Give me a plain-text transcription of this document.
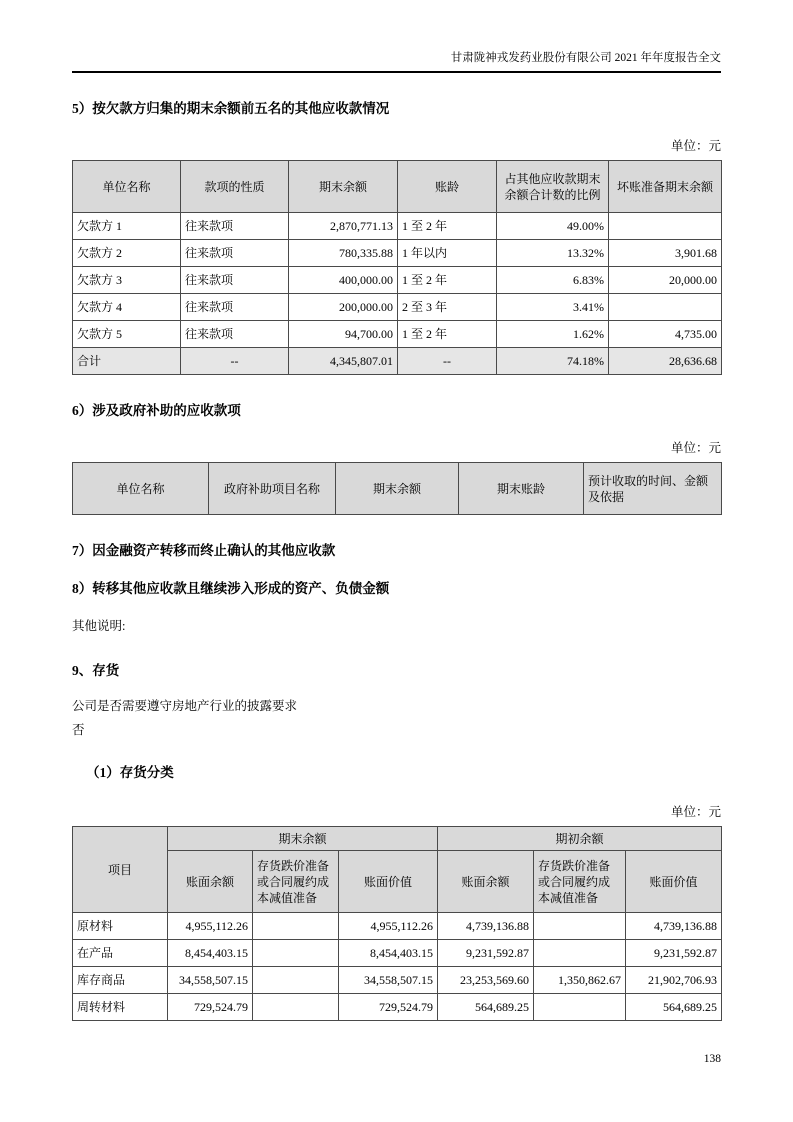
甘肃陇神戎发药业股份有限公司 2021 年年度报告全文
5）按欠款方归集的期末余额前五名的其他应收款情况
单位：元
单位名称	款项的性质	期末余额	账龄	占其他应收款期末余额合计数的比例	坏账准备期末余额
欠款方 1	往来款项	2,870,771.13	1 至 2 年	49.00%	
欠款方 2	往来款项	780,335.88	1 年以内	13.32%	3,901.68
欠款方 3	往来款项	400,000.00	1 至 2 年	6.83%	20,000.00
欠款方 4	往来款项	200,000.00	2 至 3 年	3.41%	
欠款方 5	往来款项	94,700.00	1 至 2 年	1.62%	4,735.00
合计	--	4,345,807.01	--	74.18%	28,636.68
6）涉及政府补助的应收款项
单位：元
单位名称	政府补助项目名称	期末余额	期末账龄	预计收取的时间、金额及依据
7）因金融资产转移而终止确认的其他应收款
8）转移其他应收款且继续涉入形成的资产、负债金额
其他说明:
9、存货
公司是否需要遵守房地产行业的披露要求
否
（1）存货分类
单位：元
项目	期末余额			期初余额		
	账面余额	存货跌价准备或合同履约成本减值准备	账面价值	账面余额	存货跌价准备或合同履约成本减值准备	账面价值
原材料	4,955,112.26		4,955,112.26	4,739,136.88		4,739,136.88
在产品	8,454,403.15		8,454,403.15	9,231,592.87		9,231,592.87
库存商品	34,558,507.15		34,558,507.15	23,253,569.60	1,350,862.67	21,902,706.93
周转材料	729,524.79		729,524.79	564,689.25		564,689.25
138
